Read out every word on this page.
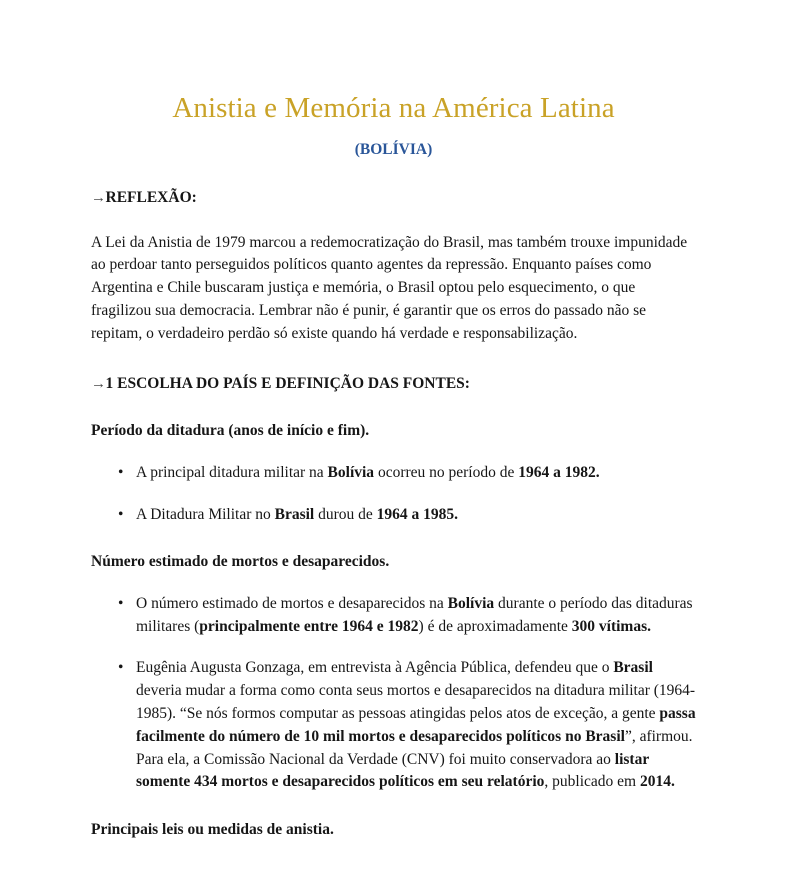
Anistia e Memória na América Latina
(BOLÍVIA)

→REFLEXÃO:

A Lei da Anistia de 1979 marcou a redemocratização do Brasil, mas também trouxe impunidade ao perdoar tanto perseguidos políticos quanto agentes da repressão. Enquanto países como Argentina e Chile buscaram justiça e memória, o Brasil optou pelo esquecimento, o que fragilizou sua democracia. Lembrar não é punir, é garantir que os erros do passado não se repitam, o verdadeiro perdão só existe quando há verdade e responsabilização.

→1 ESCOLHA DO PAÍS E DEFINIÇÃO DAS FONTES:

Período da ditadura (anos de início e fim).

• A principal ditadura militar na Bolívia ocorreu no período de 1964 a 1982.
• A Ditadura Militar no Brasil durou de 1964 a 1985.

Número estimado de mortos e desaparecidos.

• O número estimado de mortos e desaparecidos na Bolívia durante o período das ditaduras militares (principalmente entre 1964 e 1982) é de aproximadamente 300 vítimas.
• Eugênia Augusta Gonzaga, em entrevista à Agência Pública, defendeu que o Brasil deveria mudar a forma como conta seus mortos e desaparecidos na ditadura militar (1964-1985). “Se nós formos computar as pessoas atingidas pelos atos de exceção, a gente passa facilmente do número de 10 mil mortos e desaparecidos políticos no Brasil”, afirmou. Para ela, a Comissão Nacional da Verdade (CNV) foi muito conservadora ao listar somente 434 mortos e desaparecidos políticos em seu relatório, publicado em 2014.

Principais leis ou medidas de anistia.
